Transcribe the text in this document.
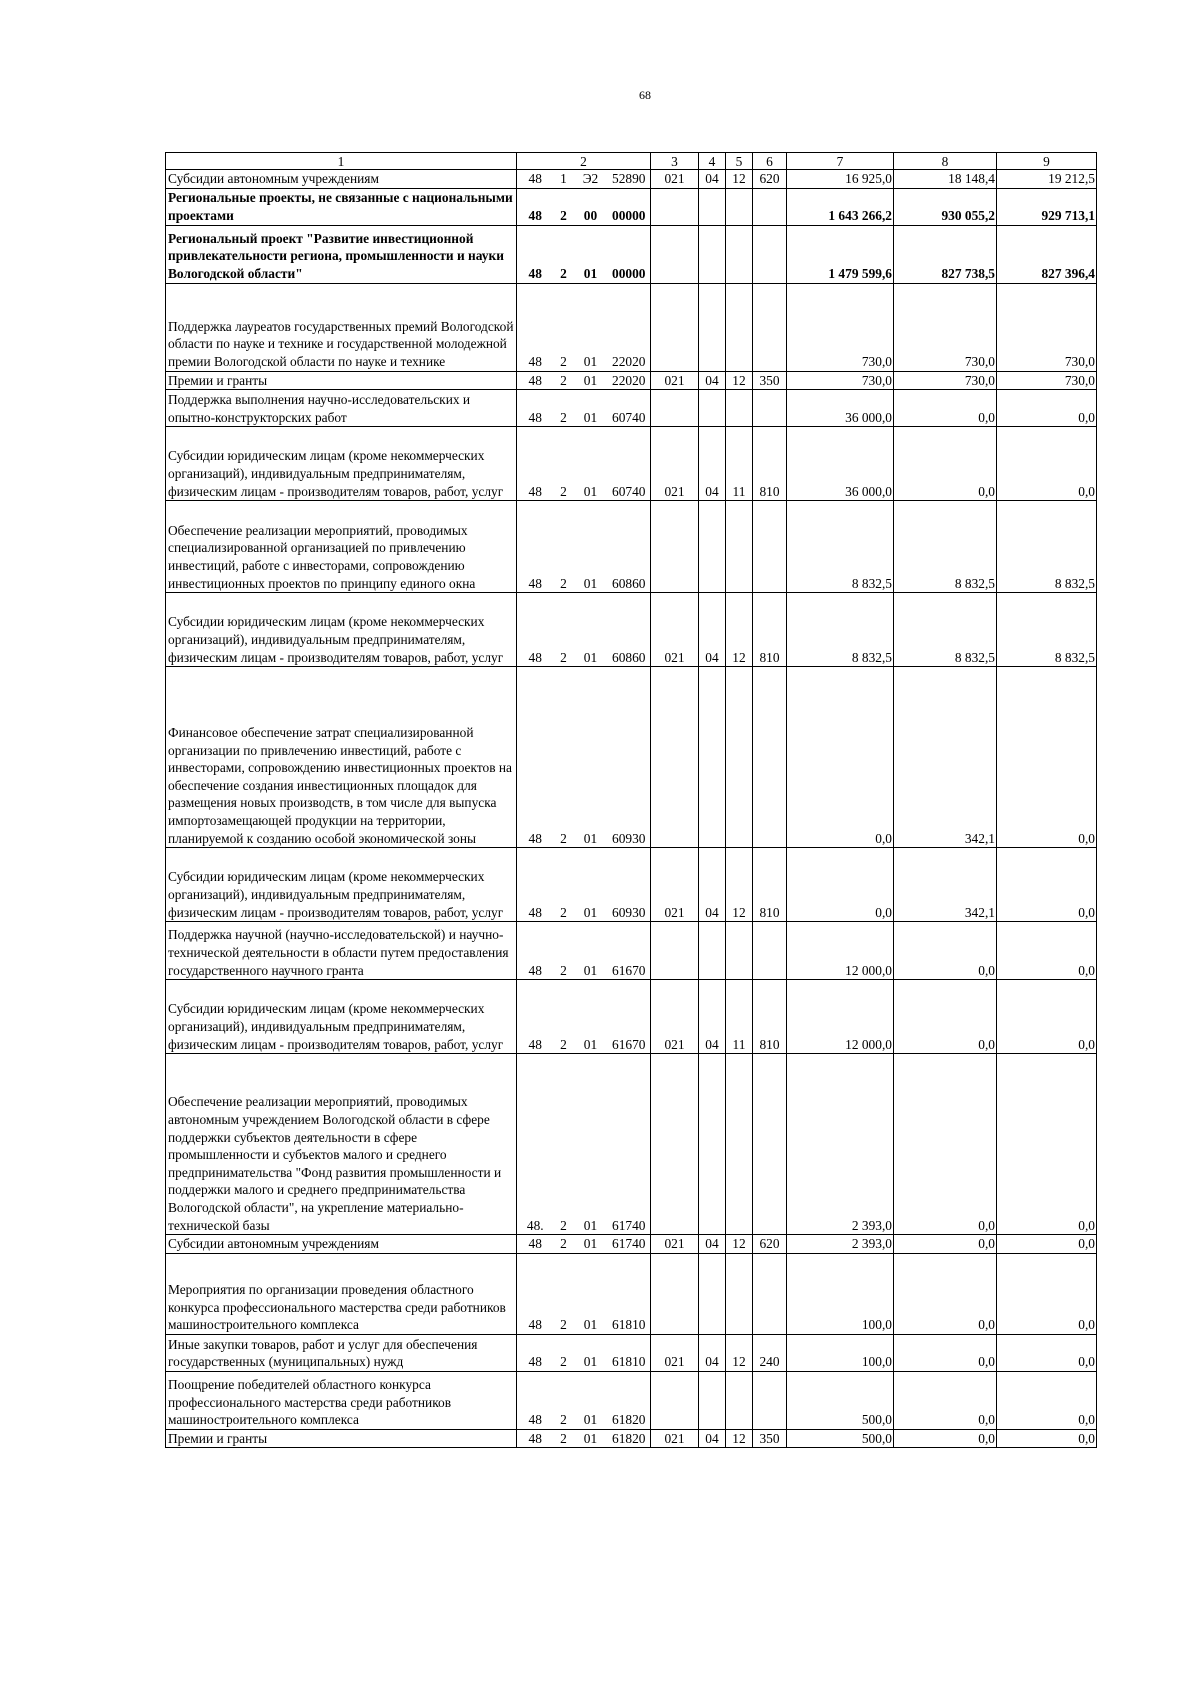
68
1	2				3	4	5	6	7	8	9
Субсидии автономным учреждениям	48	1	Э2	52890	021	04	12	620	16 925,0	18 148,4	19 212,5
Региональные проекты, не связанные с национальными проектами	48	2	00	00000					1 643 266,2	930 055,2	929 713,1
Региональный проект "Развитие инвестиционной привлекательности региона, промышленности и науки Вологодской области"	48	2	01	00000					1 479 599,6	827 738,5	827 396,4
Поддержка лауреатов государственных премий Вологодской области по науке и технике и государственной молодежной премии Вологодской области по науке и технике	48	2	01	22020					730,0	730,0	730,0
Премии и гранты	48	2	01	22020	021	04	12	350	730,0	730,0	730,0
Поддержка выполнения научно-исследовательских и опытно-конструкторских работ	48	2	01	60740					36 000,0	0,0	0,0
Субсидии юридическим лицам (кроме некоммерческих организаций), индивидуальным предпринимателям, физическим лицам - производителям товаров, работ, услуг	48	2	01	60740	021	04	11	810	36 000,0	0,0	0,0
Обеспечение реализации мероприятий, проводимых специализированной организацией по привлечению инвестиций, работе с инвесторами, сопровождению инвестиционных проектов по принципу единого окна	48	2	01	60860					8 832,5	8 832,5	8 832,5
Субсидии юридическим лицам (кроме некоммерческих организаций), индивидуальным предпринимателям, физическим лицам - производителям товаров, работ, услуг	48	2	01	60860	021	04	12	810	8 832,5	8 832,5	8 832,5
Финансовое обеспечение затрат специализированной организации по привлечению инвестиций, работе с инвесторами, сопровождению инвестиционных проектов на обеспечение создания инвестиционных площадок для размещения новых производств, в том числе для выпуска импортозамещающей продукции на территории, планируемой к созданию особой экономической зоны	48	2	01	60930					0,0	342,1	0,0
Субсидии юридическим лицам (кроме некоммерческих организаций), индивидуальным предпринимателям, физическим лицам - производителям товаров, работ, услуг	48	2	01	60930	021	04	12	810	0,0	342,1	0,0
Поддержка научной (научно-исследовательской) и научно-технической деятельности в области путем предоставления государственного научного гранта	48	2	01	61670					12 000,0	0,0	0,0
Субсидии юридическим лицам (кроме некоммерческих организаций), индивидуальным предпринимателям, физическим лицам - производителям товаров, работ, услуг	48	2	01	61670	021	04	11	810	12 000,0	0,0	0,0
Обеспечение реализации мероприятий, проводимых автономным учреждением Вологодской области в сфере поддержки субъектов деятельности в сфере промышленности и субъектов малого и среднего предпринимательства "Фонд развития промышленности и поддержки малого и среднего предпринимательства Вологодской области", на укрепление материально-технической базы	48.	2	01	61740					2 393,0	0,0	0,0
Субсидии автономным учреждениям	48	2	01	61740	021	04	12	620	2 393,0	0,0	0,0
Мероприятия по организации проведения областного конкурса профессионального мастерства среди работников машиностроительного комплекса	48	2	01	61810					100,0	0,0	0,0
Иные закупки товаров, работ и услуг для обеспечения государственных (муниципальных) нужд	48	2	01	61810	021	04	12	240	100,0	0,0	0,0
Поощрение победителей областного конкурса профессионального мастерства среди работников машиностроительного комплекса	48	2	01	61820					500,0	0,0	0,0
Премии и гранты	48	2	01	61820	021	04	12	350	500,0	0,0	0,0
